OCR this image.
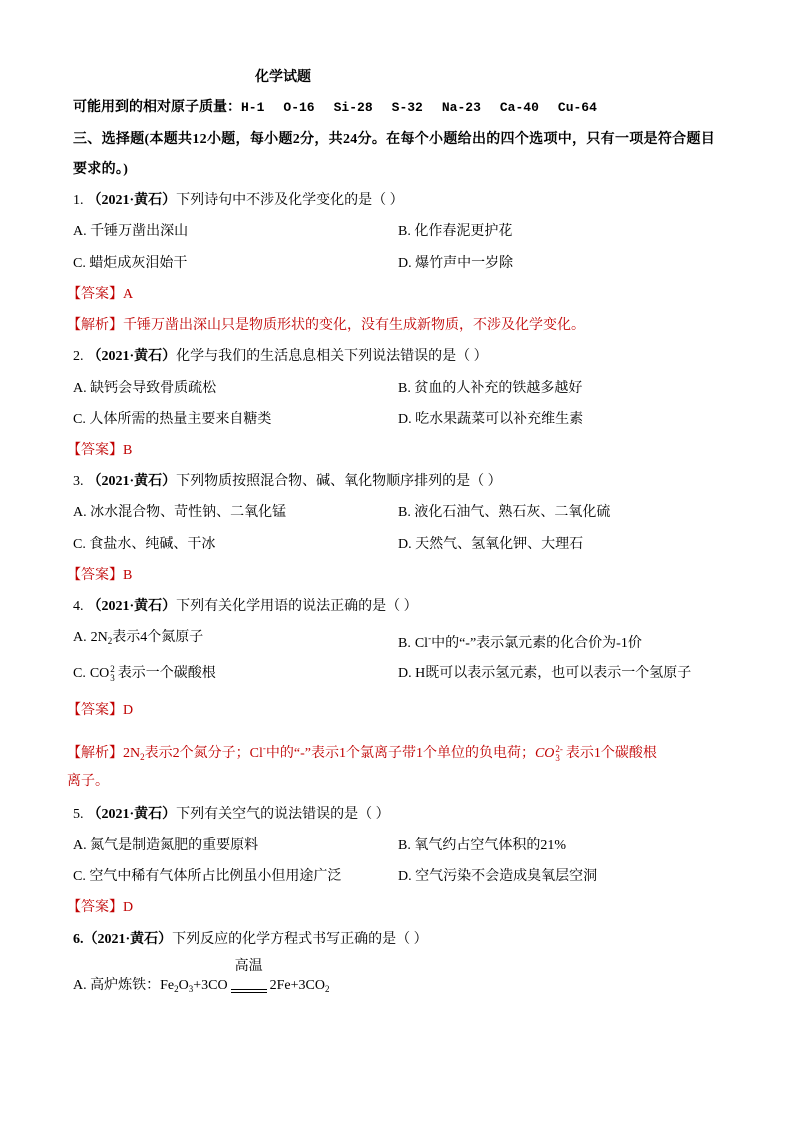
化学试题
可能用到的相对原子质量：H-1 O-16 Si-28 S-32 Na-23 Ca-40 Cu-64
三、选择题(本题共12小题，每小题2分，共24分。在每个小题给出的四个选项中，只有一项是符合题目
要求的。)
1. （2021·黄石）下列诗句中不涉及化学变化的是（ ）
A. 千锤万凿出深山	B. 化作春泥更护花
C. 蜡炬成灰泪始干	D. 爆竹声中一岁除
【答案】A
【解析】千锤万凿出深山只是物质形状的变化，没有生成新物质，不涉及化学变化。
2. （2021·黄石）化学与我们的生活息息相关下列说法错误的是（ ）
A. 缺钙会导致骨质疏松	B. 贫血的人补充的铁越多越好
C. 人体所需的热量主要来自糖类	D. 吃水果蔬菜可以补充维生素
【答案】B
3. （2021·黄石）下列物质按照混合物、碱、氧化物顺序排列的是（ ）
A. 冰水混合物、苛性钠、二氧化锰	B. 液化石油气、熟石灰、二氧化硫
C. 食盐水、纯碱、干冰	D. 天然气、氢氧化钾、大理石
【答案】B
4. （2021·黄石）下列有关化学用语的说法正确的是（ ）
A. $2N_2$表示4个氮原子	B. Cl-中的“-”表示氯元素的化合价为-1价
C. CO 2
3 表示一个碳酸根	D. H既可以表示氢元素，也可以表示一个氢原子
【答案】D
【解析】$2N_2$表示2个氮分子；Cl-中的“-”表示1个氯离子带1个单位的负电荷；CO 2-
3 表示1个碳酸根
离子。
5. （2021·黄石）下列有关空气的说法错误的是（ ）
A. 氮气是制造氮肥的重要原料	B. 氧气约占空气体积的21%
C. 空气中稀有气体所占比例虽小但用途广泛	D. 空气污染不会造成臭氧层空洞
【答案】D
6.（2021·黄石）下列反应的化学方程式书写正确的是（ ）
A. 高炉炼铁：$Fe_2O_3+3CO$
高温
$2Fe+3CO_2$
